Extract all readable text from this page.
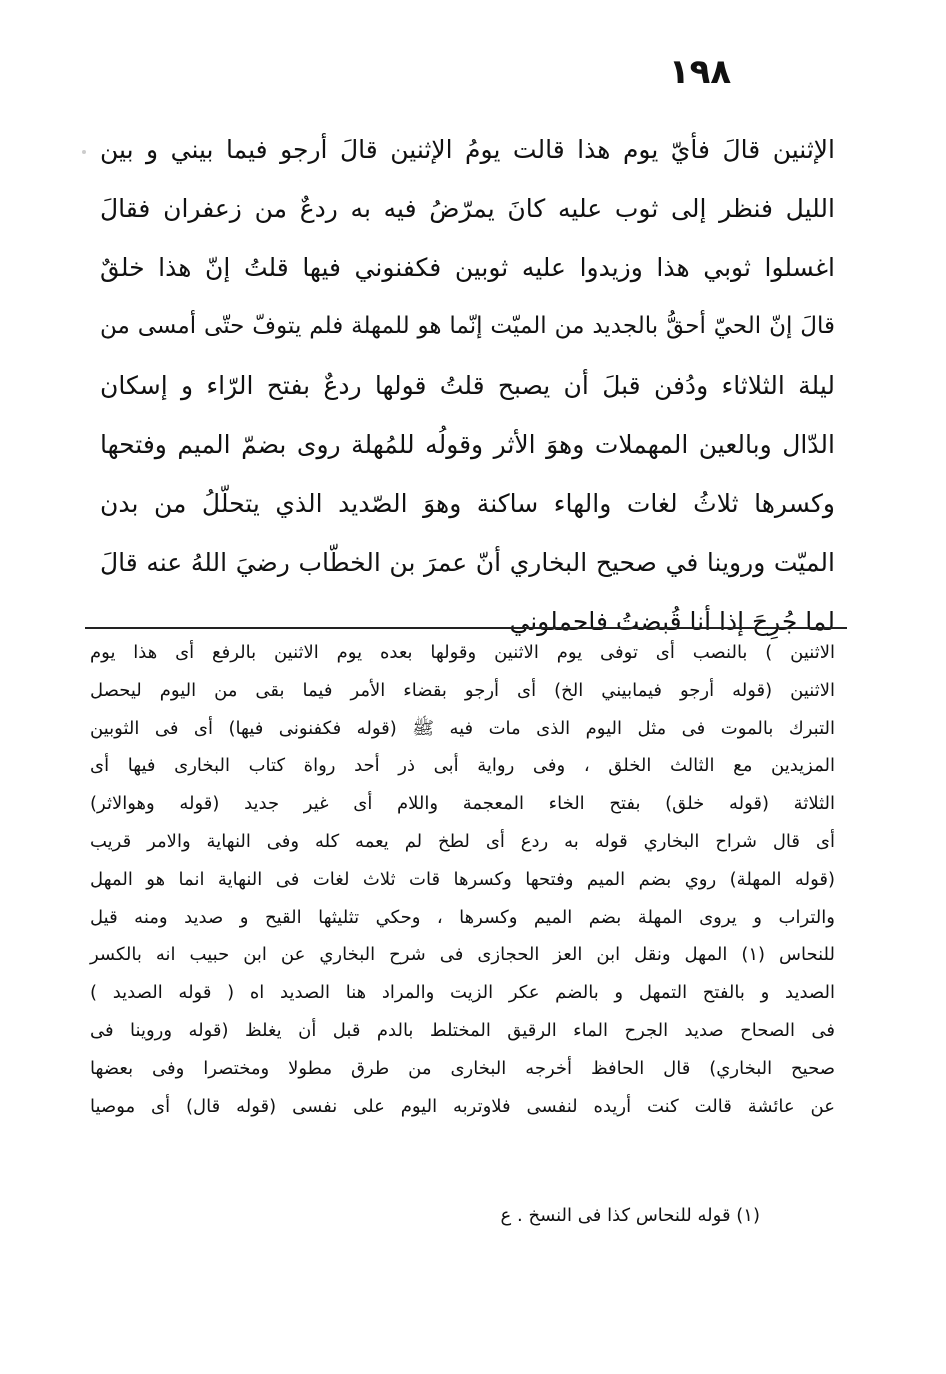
١٩٨
الإثنين قالَ فأيّ يوم هذا قالت يومُ الإثنين قالَ أرجو فيما بيني و بين
الليل فنظر إلى ثوب عليه كانَ يمرّضُ فيه به ردعٌ من زعفران فقالَ
اغسلوا ثوبي هذا وزيدوا عليه ثوبين فكفنوني فيها قلتُ إنّ هذا خلقٌ
قالَ إنّ الحيّ أحقُّ بالجديد من الميّت إنّما هو للمهلة فلم يتوفّ حتّى أمسى من
ليلة الثلاثاء ودُفن قبلَ أن يصبح قلتُ قولها ردعٌ بفتح الرّاء و إسكان
الدّال وبالعين المهملات وهوَ الأثر وقولُه للمُهلة روى بضمّ الميم وفتحها
وكسرها ثلاثُ لغات والهاء ساكنة وهوَ الصّديد الذي يتحلّلُ من بدن
الميّت وروينا في صحيح البخاري أنّ عمرَ بن الخطّاب رضيَ اللهُ عنه قالَ
لما جُرِحَ إذا أنا قُبضتُ فاحملوني
الاثنين ) بالنصب أى توفى يوم الاثنين وقولها بعده يوم الاثنين بالرفع أى هذا يوم
الاثنين (قوله أرجو فيمابيني الخ) أى أرجو بقضاء الأمر فيما بقى من اليوم ليحصل
التبرك بالموت فى مثل اليوم الذى مات فيه ﷺ (قوله فكفنونى فيها) أى فى الثوبين
المزيدين مع الثالث الخلق ، وفى رواية أبى ذر أحد رواة كتاب البخارى فيها أى
الثلاثة (قوله خلق) بفتح الخاء المعجمة واللام أى غير جديد (قوله وهوالاثر)
أى قال شراح البخاري قوله به ردع أى لطخ لم يعمه كله وفى النهاية والامر قريب
(قوله المهلة) روي بضم الميم وفتحها وكسرها قات ثلاث لغات فى النهاية انما هو المهل
والتراب و يروى المهلة بضم الميم وكسرها ، وحكي تثليثها القيح و صديد ومنه قيل
للنحاس (١) المهل ونقل ابن العز الحجازى فى شرح البخاري عن ابن حبيب انه بالكسر
الصديد و بالفتح التمهل و بالضم عكر الزيت والمراد هنا الصديد اه ( قوله الصديد )
فى الصحاح صديد الجرح الماء الرقيق المختلط بالدم قبل أن يغلظ (قوله وروينا فى
صحيح البخاري) قال الحافظ أخرجه البخارى من طرق مطولا ومختصرا وفى بعضها
عن عائشة قالت كنت أريده لنفسى فلاوتربه اليوم على نفسى (قوله قال) أى موصيا
(١) قوله للنحاس كذا فى النسخ . ع
